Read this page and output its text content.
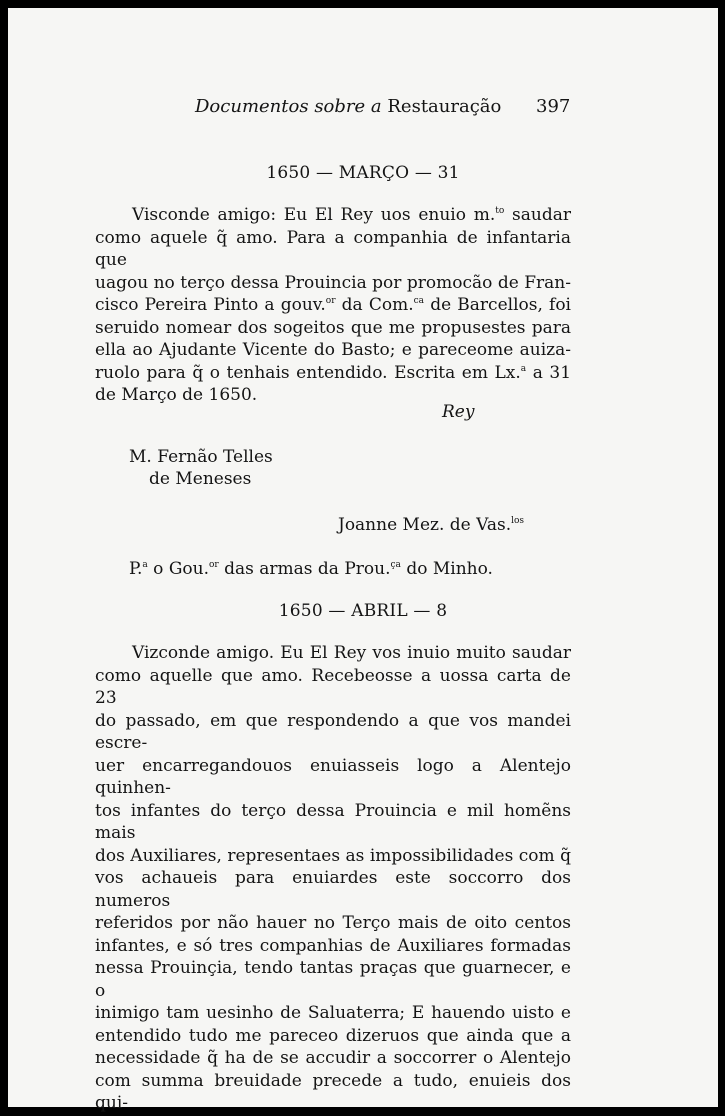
Documentos sobre a Restauração 397
1650 — MARÇO — 31
Visconde amigo: Eu El Rey uos enuio m.$^{to}$ saudar
como aquele q̃ amo. Para a companhia de infantaria que
uagou no terço dessa Prouincia por promocão de Fran-
cisco Pereira Pinto a gouv.$^{or}$ da Com.$^{ca}$ de Barcellos, foi
seruido nomear dos sogeitos que me propusestes para
ella ao Ajudante Vicente do Basto; e pareceome auiza-
ruolo para q̃ o tenhais entendido. Escrita em Lx.$^a$ a 31
de Março de 1650.
Rey
M. Fernão Telles
de Meneses
Joanne Mez. de Vas.$^{los}$
P.$^a$ o Gou.$^{or}$ das armas da Prou.$^{ça}$ do Minho.
1650 — ABRIL — 8
Vizconde amigo. Eu El Rey vos inuio muito saudar
como aquelle que amo. Recebeosse a uossa carta de 23
do passado, em que respondendo a que vos mandei escre-
uer encarregandouos enuiasseis logo a Alentejo quinhen-
tos infantes do terço dessa Prouincia e mil homẽns mais
dos Auxiliares, representaes as impossibilidades com q̃
vos achaueis para enuiardes este soccorro dos numeros
referidos por não hauer no Terço mais de oito centos
infantes, e só tres companhias de Auxiliares formadas
nessa Prouinçia, tendo tantas praças que guarnecer, e o
inimigo tam uesinho de Saluaterra; E hauendo uisto e
entendido tudo me pareceo dizeruos que ainda que a
necessidade q̃ ha de se accudir a soccorrer o Alentejo
com summa breuidade precede a tudo, enuieis dos qui-
